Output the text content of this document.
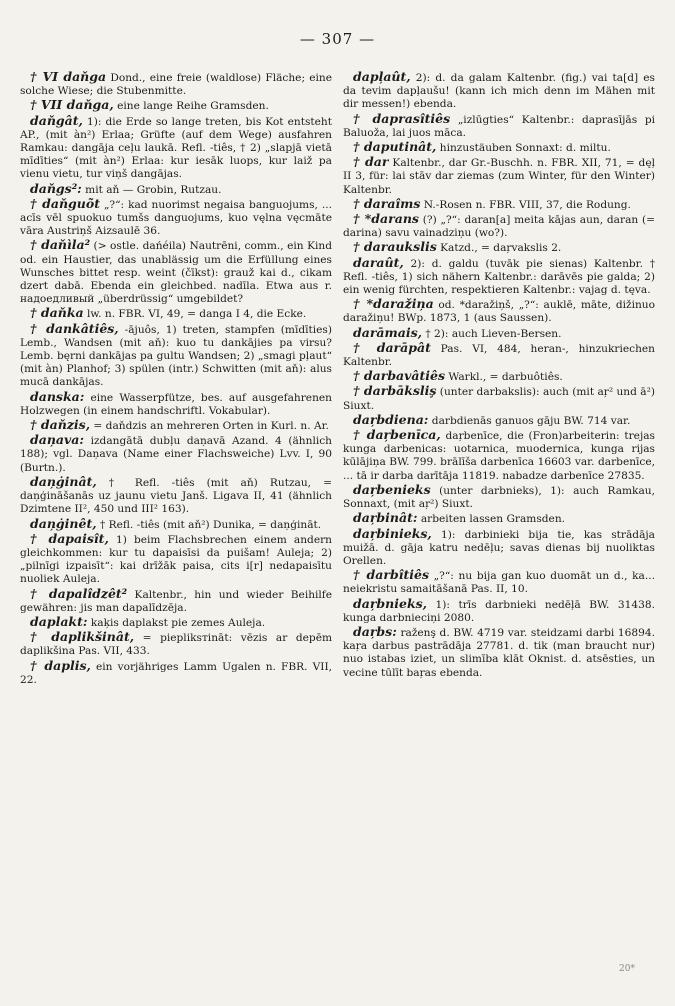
— 307 —

† VI daňga Dond., eine freie (waldlose) Fläche; eine solche Wiese; die Stubenmitte.

† VII daňga, eine lange Reihe Gramsden.

daňgât, 1): die Erde so lange treten, bis Kot entsteht AP., (mit àn²) Erlaa; Grüfte (auf dem Wege) ausfahren Ramkau: dangāja ceļu laukā. Refl. -tiês, † 2) „slapjā vietā mīdīties“ (mit àn²) Erlaa: kur iesāk luops, kur laiž pa vienu vietu, tur viņš dangājas.

daňgs²: mit aň — Grobin, Rutzau.

† daňguõt „?“: kad nuorimst negaisa banguojums, ... acīs vēl spuokuo tumšs danguojums, kuo vęlna vęcmāte vāra Austriņš Aizsaulē 36.

† daňìla² (> ostle. dańéila) Nautrēni, comm., ein Kind od. ein Haustier, das unablässig um die Erfüllung eines Wunsches bittet resp. weint (čīkst): grauž kai d., cikam dzert dabā. Ebenda ein gleichbed. nadīla. Etwa aus r. надоедливый „überdrüssig“ umgebildet?

† daňka lw. n. FBR. VI, 49, = danga I 4, die Ecke.

† dankâtiês, -ājuôs, 1) treten, stampfen (mīdīties) Lemb., Wandsen (mit aň): kuo tu dankājies pa virsu? Lemb. bęrni dankājas pa gultu Wandsen; 2) „smagi pļaut“ (mit àn) Planhof; 3) spülen (intr.) Schwitten (mit aň): alus mucā dankājas.

danska: eine Wasserpfütze, bes. auf ausgefahrenen Holzwegen (in einem handschriftl. Vokabular).

† daňzis, = daňdzis an mehreren Orten in Kurl. n. Ar.

daņava: izdangātā dubļu daņavā Azand. 4 (ähnlich 188); vgl. Daņava (Name einer Flachsweiche) Lvv. I, 90 (Burtn.).

daņġinât, † Refl. -tiês (mit aň) Rutzau, = daņģināšanās uz jaunu vietu Janš. Ligava II, 41 (ähnlich Dzimtene II², 450 und III² 163).

daņġinêt, † Refl. -tiês (mit aň²) Dunika, = daņģināt.

† dapaisît, 1) beim Flachsbrechen einem andern gleichkommen: kur tu dapaisīsi da puišam! Auleja; 2) „pilnīgi izpaisīt“: kai drīžāk paisa, cits i[r] nedapaisītu nuoliek Auleja.

† dapalîdzêt² Kaltenbr., hin und wieder Beihilfe gewähren: jis man dapalīdzēja.

daplakt: kaķis daplakst pie zemes Auleja.

† daplikšinât, = piepliksтināt: vēzis ar depēm daplikšina Pas. VII, 433.

† daplis, ein vorjähriges Lamm Ugalen n. FBR. VII, 22.

dapļaût, 2): d. da galam Kaltenbr. (fig.) vai ta[d] es da tevim dapļaušu! (kann ich mich denn im Mähen mit dir messen!) ebenda.

† daprasîtiês „izlūgties“ Kaltenbr.: daprasījās pi Baluoža, lai juos māca.

† daputinât, hinzustäuben Sonnaxt: d. miltu.

† dar Kaltenbr., dar Gr.-Buschh. n. FBR. XII, 71, = dęļ II 3, für: lai stāv dar ziemas (zum Winter, für den Winter) Kaltenbr.

† daraîms N.-Rosen n. FBR. VIII, 37, die Rodung.

† *darans (?) „?“: daran[a] meita kājas aun, daran (= darina) savu vainadziņu (wo?).

† daraukslis Katzd., = daŗvakslis 2.

daraût, 2): d. galdu (tuvāk pie sienas) Kaltenbr. † Refl. -tiês, 1) sich nähern Kaltenbr.: darāvēs pie galda; 2) ein wenig fürchten, respektieren Kaltenbr.: vajag d. tęva.

† *daražiņa od. *daražiņš, „?“: auklē, māte, dižinuo daražiņu! BWp. 1873, 1 (aus Saussen).

darāmais, † 2): auch Lieven-Bersen.

† darāpât Pas. VI, 484, heran-, hinzukriechen Kaltenbr.

† darbavâtiês Warkl., = darbuôtiês.

† darbāksliş (unter darbakslis): auch (mit aŗ² und ā²) Siuxt.

daŗbdiena: darbdienās ganuos gāju BW. 714 var.

† daŗbenīca, daŗbenīce, die (Fron)arbeiterin: trejas kunga darbenicas: uotarnica, muodernica, kunga rijas kūlājiņa BW. 799. brālīša darbenīca 16603 var. darbenīce, ... tā ir darba darītāja 11819. nabadze darbenīce 27835.

daŗbenieks (unter darbnieks), 1): auch Ramkau, Sonnaxt, (mit aŗ²) Siuxt.

daŗbinât: arbeiten lassen Gramsden.

daŗbinieks, 1): darbinieki bija tie, kas strādāja muižā. d. gāja katru nedēļu; savas dienas bij nuoliktas Orellen.

† darbîtiês „?“: nu bija gan kuo duomāt un d., ka... neiekristu samaitāšanā Pas. II, 10.

daŗbnieks, 1): trīs darbnieki nedēļā BW. 31438. kunga darbnieciņi 2080.

daŗbs: raženş d. BW. 4719 var. steidzami darbi 16894. kaŗa darbus pastrādāja 27781. d. tik (man braucht nur) nuo istabas iziet, un slimība klāt Oknist. d. atsēsties, un vecine tūlīt baŗas ebenda.

20*
